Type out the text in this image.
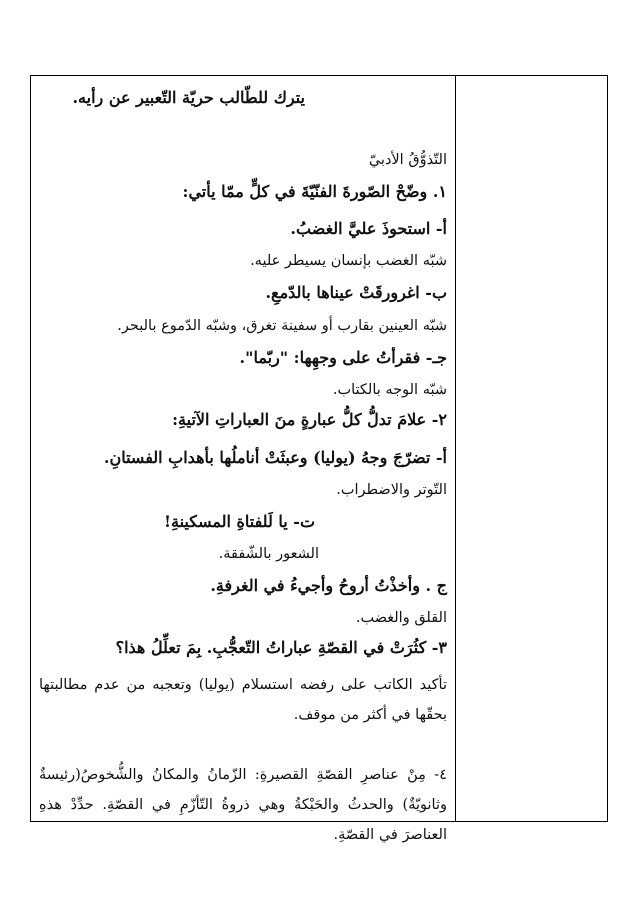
يترك للطّالب حريّة التّعبير عن رأيه.
التّذوُّقُ الأدبيّ
١. وضّحْ الصّورةَ الفنّيّةَ في كلٍّ ممّا يأتي:
أ- استحوذَ عليَّ الغضبُ.
شبّه الغضب بإنسان يسيطر عليه.
ب- اغرورقَتْ عيناها بالدّمعِ.
شبّه العينين بقارب أو سفينة تغرق، وشبّه الدّموع بالبحر.
جـ- فقرأتُ على وجهِها: "ربّما".
شبّه الوجه بالكتاب.
٢- علامَ تدلُّ كلُّ عبارةٍ منَ العباراتِ الآتيةِ:
أ- تضرّجَ وجهُ (يوليا) وعبثَتْ أناملُها بأهدابِ الفستانِ.
التّوتر والاضطراب.
ت- يا لَلفتاةِ المسكينةِ!
الشعور بالشّفقة.
ج . وأخذْتُ أروحُ وأجيءُ في الغرفةِ.
القلق والغضب.
٣- كثُرَتْ في القصّةِ عباراتُ التّعجُّبِ. بِمَ تعلِّلُ هذا؟
تأكيد الكاتب على رفضه استسلام (يوليا) وتعجبه من عدم مطالبتها بحقّها في أكثر من موقف.
٤- مِنْ عناصرِ القصّةِ القصيرةِ: الزّمانُ والمكانُ والشُّخوصُ(رئيسةٌ وثانويّةٌ) والحدثُ والحَبْكةُ وهي ذروةُ التّأزّمِ في القصّةِ. حدِّدْ هذهِ العناصرَ في القصّةِ.
